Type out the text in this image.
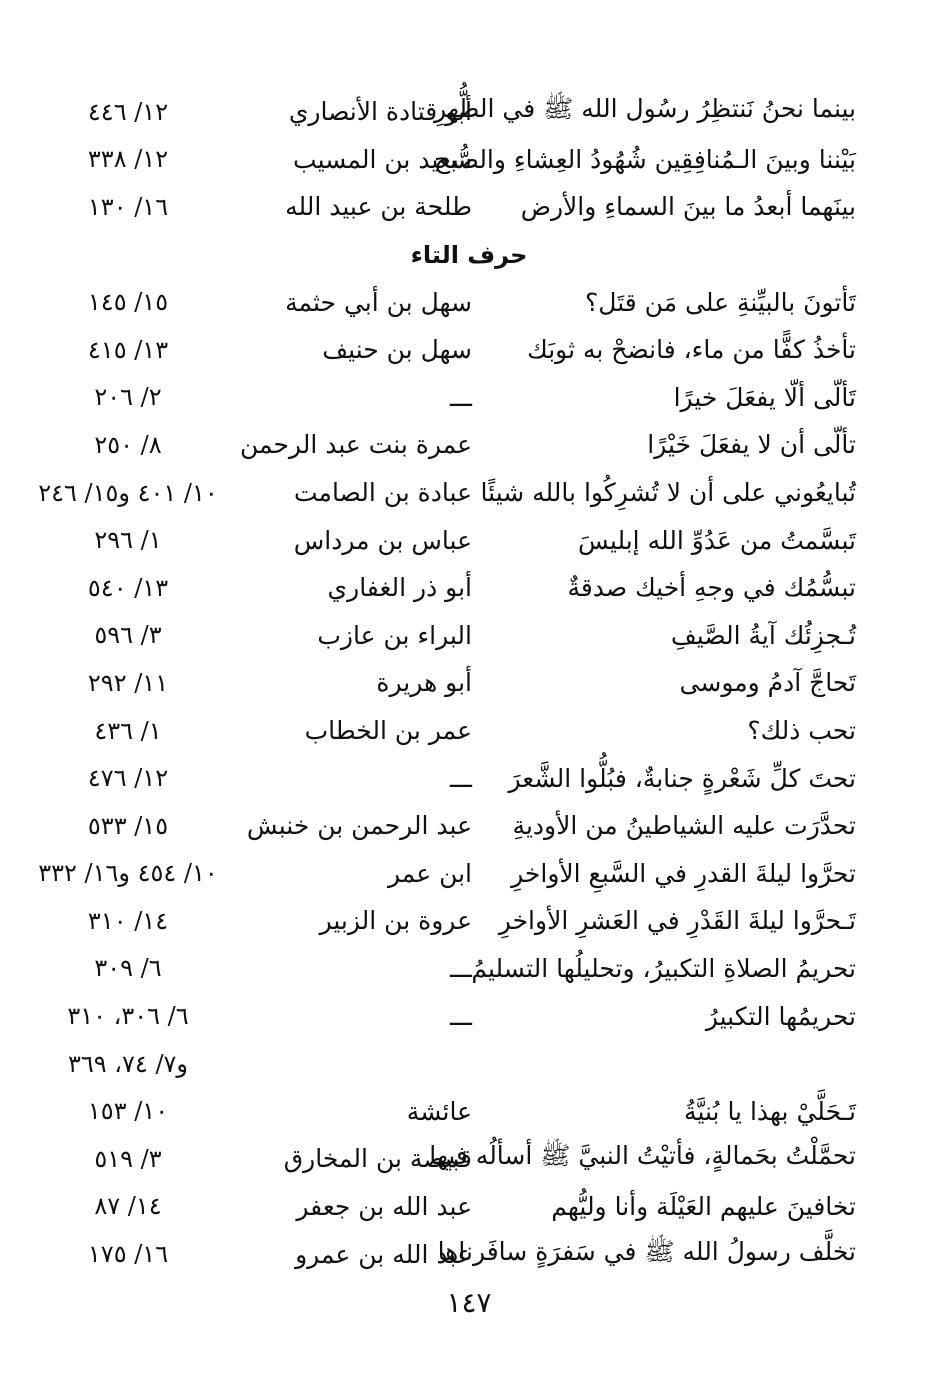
بينما نحنُ نَنتظِرُ رسُول الله ﷺ في الظُّهرِ
أبو قتادة الأنصاري
١٢/ ٤٤٦
بَيْننا وبينَ الـمُنافِقِين شُهُودُ العِشاءِ والصُّبح
سعيد بن المسيب
١٢/ ٣٣٨
بينَهما أبعدُ ما بينَ السماءِ والأرض
طلحة بن عبيد الله
١٦/ ١٣٠
حرف التاء
تَأتونَ بالبيِّنةِ على مَن قتَل؟
سهل بن أبي حثمة
١٥/ ١٤٥
تأخذُ كفًّا من ماء، فانضحْ به ثوبَك
سهل بن حنيف
١٣/ ٤١٥
تَألّى ألّا يفعَلَ خيرًا
ـــ
٢/ ٢٠٦
تألّى أن لا يفعَلَ خَيْرًا
عمرة بنت عبد الرحمن
٨/ ٢٥٠
تُبايعُوني على أن لا تُشرِكُوا بالله شيئًا
عبادة بن الصامت
١٠/ ٤٠١ و١٥/ ٢٤٦
تَبسَّمتُ من عَدُوِّ الله إبليسَ
عباس بن مرداس
١/ ٢٩٦
تبسُّمُك في وجهِ أخيك صدقةٌ
أبو ذر الغفاري
١٣/ ٥٤٠
تُـجزِئُك آيةُ الصَّيفِ
البراء بن عازب
٣/ ٥٩٦
تَحاجَّ آدمُ وموسى
أبو هريرة
١١/ ٢٩٢
تحب ذلك؟
عمر بن الخطاب
١/ ٤٣٦
تحتَ كلِّ شَعْرةٍ جنابةٌ، فبُلُّوا الشَّعرَ
ـــ
١٢/ ٤٧٦
تحدَّرَت عليه الشياطينُ من الأوديةِ
عبد الرحمن بن خنبش
١٥/ ٥٣٣
تحرَّوا ليلةَ القدرِ في السَّبعِ الأواخرِ
ابن عمر
١٠/ ٤٥٤ و١٦/ ٣٣٢
تَـحرَّوا ليلةَ القَدْرِ في العَشرِ الأواخرِ
عروة بن الزبير
١٤/ ٣١٠
تحريمُ الصلاةِ التكبيرُ، وتحليلُها التسليمُ
ـــ
٦/ ٣٠٩
تحريمُها التكبيرُ
ـــ
٦/ ٣٠٦، ٣١٠
و٧/ ٧٤، ٣٦٩
تَـحَلَّيْ بهذا يا بُنيَّةُ
عائشة
١٠/ ١٥٣
تحمَّلْتُ بحَمالةٍ، فأتيْتُ النبيَّ ﷺ أسألُه فيها
قبيصة بن المخارق
٣/ ٥١٩
تخافينَ عليهم العَيْلَة وأنا وليُّهم
عبد الله بن جعفر
١٤/ ٨٧
تخلَّف رسولُ الله ﷺ في سَفرَةٍ سافَرناها
عبد الله بن عمرو
١٦/ ١٧٥
١٤٧
